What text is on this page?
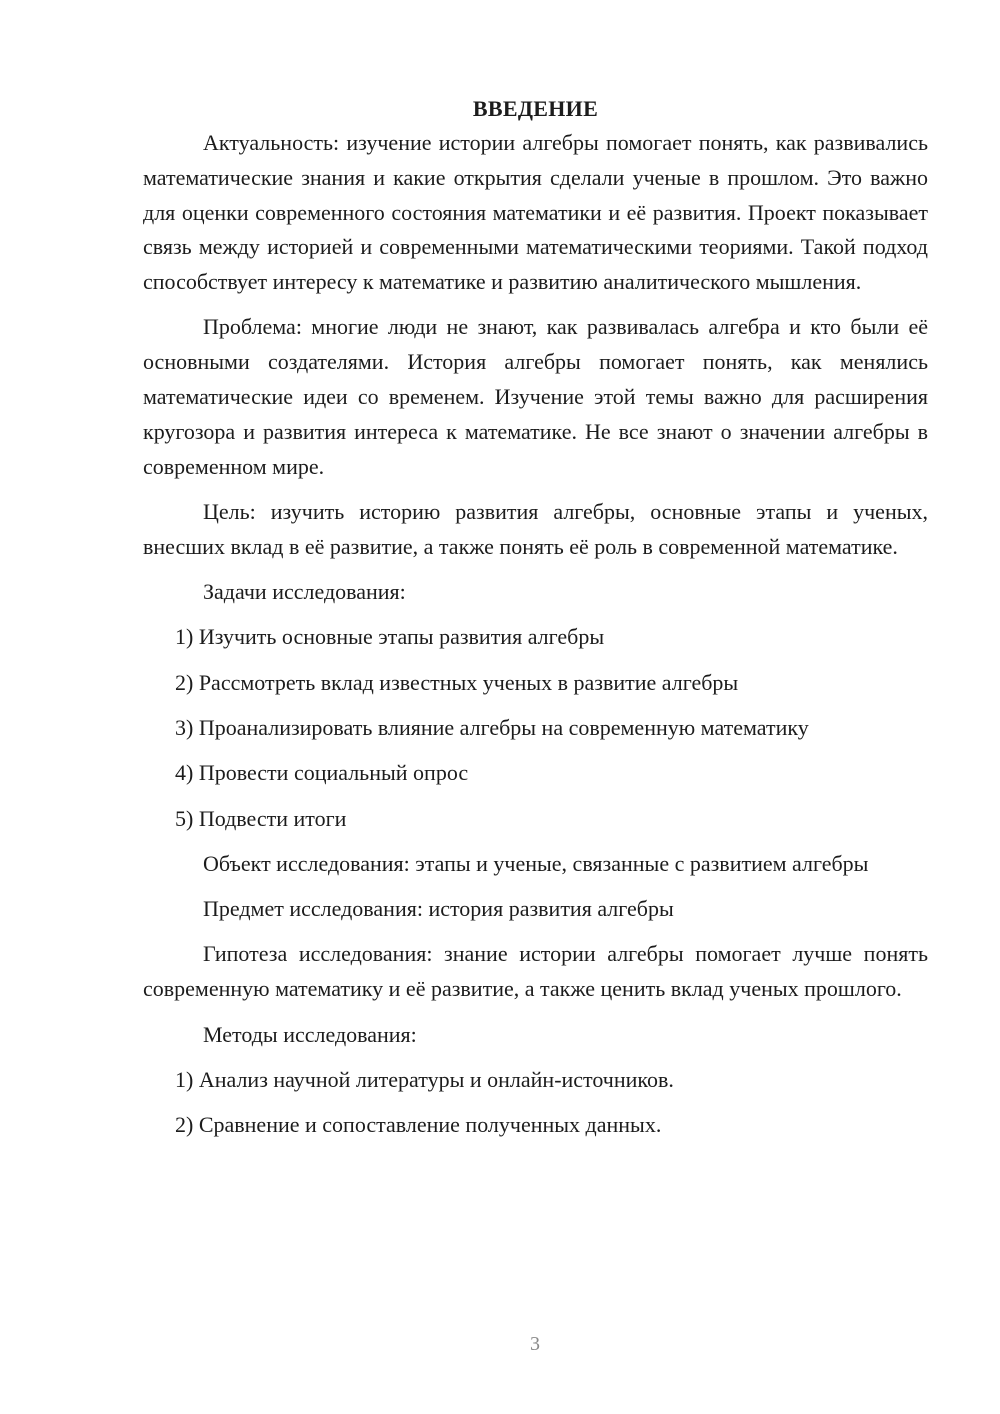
ВВЕДЕНИЕ

Актуальность: изучение истории алгебры помогает понять, как развивались математические знания и какие открытия сделали ученые в прошлом. Это важно для оценки современного состояния математики и её развития. Проект показывает связь между историей и современными математическими теориями. Такой подход способствует интересу к математике и развитию аналитического мышления.

Проблема: многие люди не знают, как развивалась алгебра и кто были её основными создателями. История алгебры помогает понять, как менялись математические идеи со временем. Изучение этой темы важно для расширения кругозора и развития интереса к математике. Не все знают о значении алгебры в современном мире.

Цель: изучить историю развития алгебры, основные этапы и ученых, внесших вклад в её развитие, а также понять её роль в современной математике.

Задачи исследования:

1) Изучить основные этапы развития алгебры

2) Рассмотреть вклад известных ученых в развитие алгебры

3) Проанализировать влияние алгебры на современную математику

4) Провести социальный опрос

5) Подвести итоги

Объект исследования: этапы и ученые, связанные с развитием алгебры

Предмет исследования: история развития алгебры

Гипотеза исследования: знание истории алгебры помогает лучше понять современную математику и её развитие, а также ценить вклад ученых прошлого.

Методы исследования:

1) Анализ научной литературы и онлайн-источников.

2) Сравнение и сопоставление полученных данных.

3
